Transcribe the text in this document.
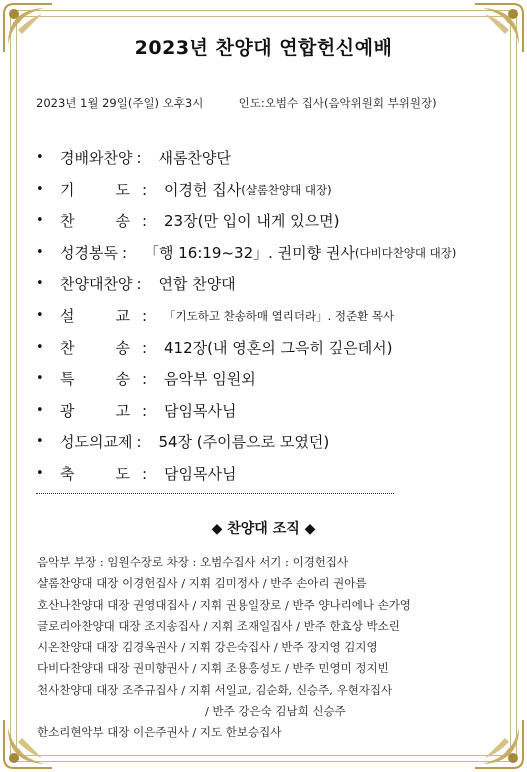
2023년 찬양대 연합헌신예배
2023년 1월 29일(주일) 오후3시	인도:오범수 집사(음악위원회 부위원장)
•	경배와찬양 :	새롬찬양단
•	기	도 :	이경헌 집사 (샬롬찬양대 대장)
•	찬	송 :	23장(만 입이 내게 있으면)
•	성경봉독 :	「행 16:19~32」. 권미향 권사 (다비다찬양대 대장)
•	찬양대찬양 :	연합 찬양대
•	설	교 :	「기도하고 찬송하매 열리더라」. 정준환 목사
•	찬	송 :	412장(내 영혼의 그윽히 깊은데서)
•	특	송 :	음악부 임원외
•	광	고 :	담임목사님
•	성도의교제 :	54장 (주이름으로 모였던)
•	축	도 :	담임목사님
◆ 찬양대 조직 ◆
음악부 부장 : 임원수장로 차장 : 오범수집사 서기 : 이경헌집사
샬롬찬양대 대장 이경헌집사 / 지휘 김미정사 / 반주 손아리 권아름
호산나찬양대 대장 권영대집사 / 지휘 권용일장로 / 반주 양나리에나 손가영
글로리아찬양대 대장 조지송집사 / 지휘 조재일집사 / 반주 한효상 박소린
시온찬양대 대장 김경옥권사 / 지휘 강은숙집사 / 반주 장지영 김지영
다비다찬양대 대장 권미향권사 / 지휘 조용흥성도 / 반주 민영미 정지빈
천사찬양대 대장 조주규집사 / 지휘 서일교, 김순화, 신승주, 우현자집사
/ 반주 강은숙 김남희 신승주
한소리현악부 대장 이은주권사 / 지도 한보승집사
